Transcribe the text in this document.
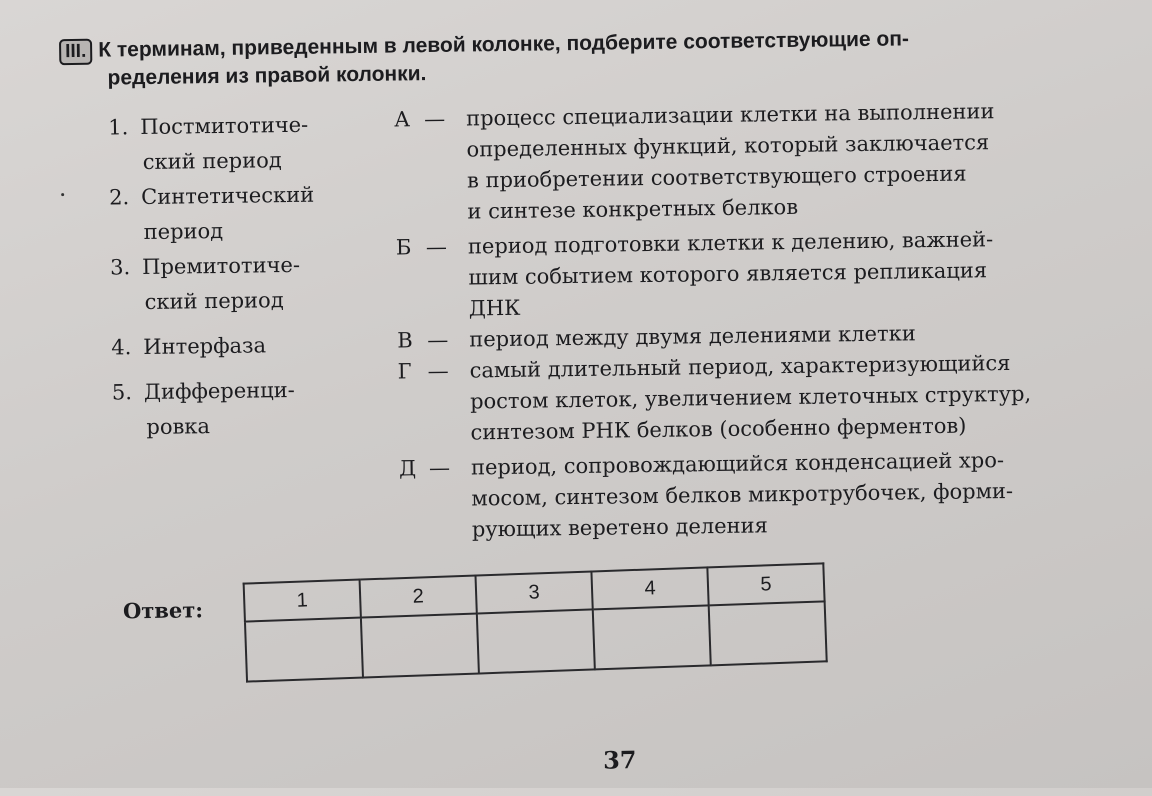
III. К терминам, приведенным в левой колонке, подберите соответствующие оп-
ределения из правой колонки.
1. Постмитотиче-
ский период
2. Синтетический
период
3. Премитотиче-
ский период
4. Интерфаза
5. Дифференци-
ровка
А — процесс специализации клетки на выполнении
определенных функций, который заключается
в приобретении соответствующего строения
и синтезе конкретных белков
Б — период подготовки клетки к делению, важней-
шим событием которого является репликация
ДНК
В — период между двумя делениями клетки
Г — самый длительный период, характеризующийся
ростом клеток, увеличением клеточных структур,
синтезом РНК белков (особенно ферментов)
Д — период, сопровождающийся конденсацией хро-
мосом, синтезом белков микротрубочек, форми-
рующих веретено деления
Ответ:	1	2	3	4	5

37
